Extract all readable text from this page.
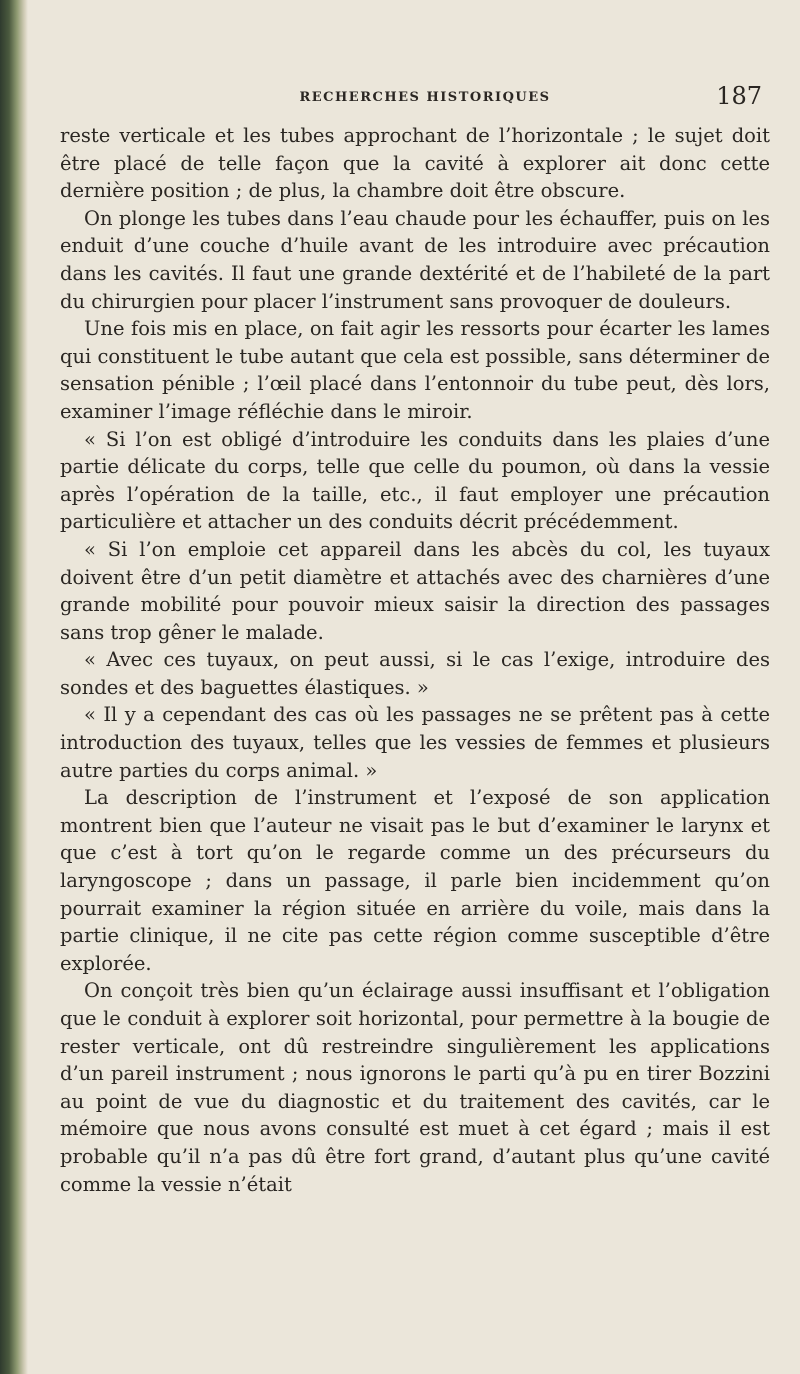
RECHERCHES HISTORIQUES	187

reste verticale et les tubes approchant de l’horizontale ; le sujet doit être placé de telle façon que la cavité à explorer ait donc cette dernière position ; de plus, la chambre doit être obscure.

On plonge les tubes dans l’eau chaude pour les échauffer, puis on les enduit d’une couche d’huile avant de les introduire avec précaution dans les cavités. Il faut une grande dextérité et de l’habileté de la part du chirurgien pour placer l’instrument sans provoquer de douleurs.

Une fois mis en place, on fait agir les ressorts pour écarter les lames qui constituent le tube autant que cela est possible, sans déterminer de sensation pénible ; l’œil placé dans l’entonnoir du tube peut, dès lors, examiner l’image réfléchie dans le miroir.

« Si l’on est obligé d’introduire les conduits dans les plaies d’une partie délicate du corps, telle que celle du poumon, où dans la vessie après l’opération de la taille, etc., il faut employer une précaution particulière et attacher un des conduits décrit précédemment.

« Si l’on emploie cet appareil dans les abcès du col, les tuyaux doivent être d’un petit diamètre et attachés avec des charnières d’une grande mobilité pour pouvoir mieux saisir la direction des passages sans trop gêner le malade.

« Avec ces tuyaux, on peut aussi, si le cas l’exige, introduire des sondes et des baguettes élastiques. »

« Il y a cependant des cas où les passages ne se prêtent pas à cette introduction des tuyaux, telles que les vessies de femmes et plusieurs autre parties du corps animal. »

La description de l’instrument et l’exposé de son application montrent bien que l’auteur ne visait pas le but d’examiner le larynx et que c’est à tort qu’on le regarde comme un des précurseurs du laryngoscope ; dans un passage, il parle bien incidemment qu’on pourrait examiner la région située en arrière du voile, mais dans la partie clinique, il ne cite pas cette région comme susceptible d’être explorée.

On conçoit très bien qu’un éclairage aussi insuffisant et l’obligation que le conduit à explorer soit horizontal, pour permettre à la bougie de rester verticale, ont dû restreindre singulièrement les applications d’un pareil instrument ; nous ignorons le parti qu’à pu en tirer Bozzini au point de vue du diagnostic et du traitement des cavités, car le mémoire que nous avons consulté est muet à cet égard ; mais il est probable qu’il n’a pas dû être fort grand, d’autant plus qu’une cavité comme la vessie n’était
